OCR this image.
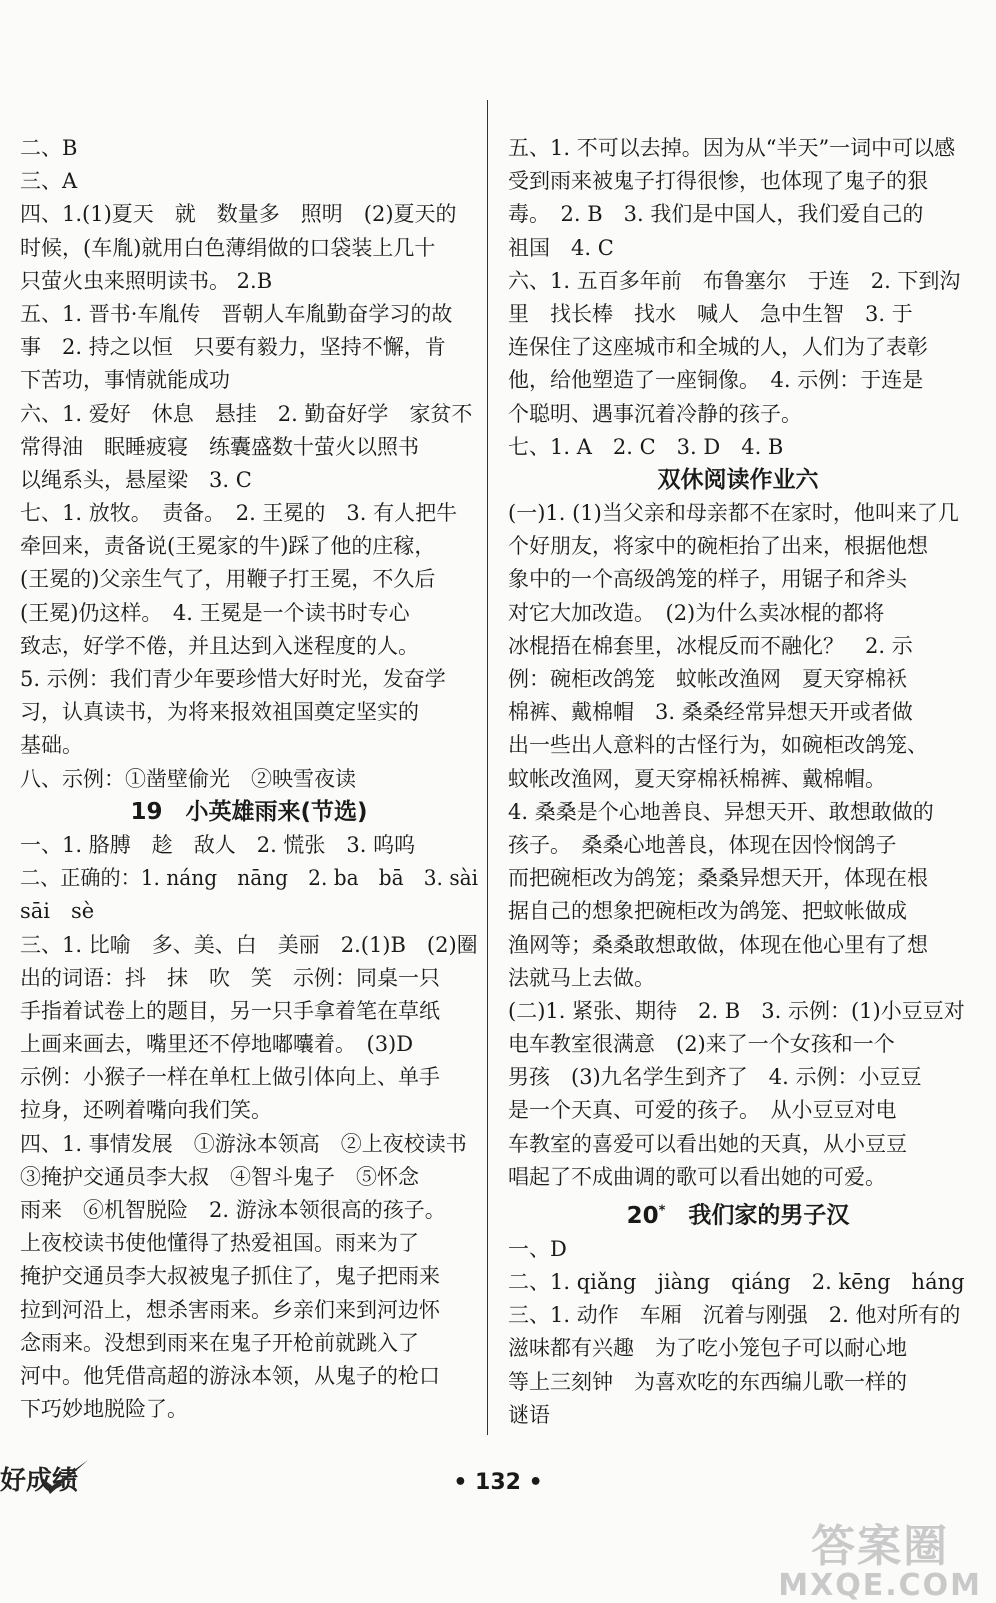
二、B
三、A
四、1.(1)夏天　就　数量多　照明　(2)夏天的
时候，(车胤)就用白色薄绢做的口袋装上几十
只萤火虫来照明读书。 2.B
五、1. 晋书·车胤传　晋朝人车胤勤奋学习的故
事　2. 持之以恒　只要有毅力，坚持不懈，肯
下苦功，事情就能成功
六、1. 爱好　休息　悬挂　2. 勤奋好学　家贫不
常得油　眠睡疲寝　练囊盛数十萤火以照书
以绳系头，悬屋梁　3. C
七、1. 放牧。　责备。　2. 王冕的　3. 有人把牛
牵回来，责备说(王冕家的牛)踩了他的庄稼，
(王冕的)父亲生气了，用鞭子打王冕，不久后
(王冕)仍这样。　4. 王冕是一个读书时专心
致志，好学不倦，并且达到入迷程度的人。
5. 示例：我们青少年要珍惜大好时光，发奋学
习，认真读书，为将来报效祖国奠定坚实的
基础。
八、示例：①凿壁偷光　②映雪夜读
19  小英雄雨来(节选)
一、1. 胳膊　趁　敌人　2. 慌张　3. 呜呜
二、正确的：1. náng　nāng　2. ba　bā　3. sài
sāi　sè
三、1. 比喻　多、美、白　美丽　2.(1)B　(2)圈
出的词语：抖　抹　吹　笑　示例：同桌一只
手指着试卷上的题目，另一只手拿着笔在草纸
上画来画去，嘴里还不停地嘟囔着。　(3)D
示例：小猴子一样在单杠上做引体向上、单手
拉身，还咧着嘴向我们笑。
四、1. 事情发展　①游泳本领高　②上夜校读书
③掩护交通员李大叔　④智斗鬼子　⑤怀念
雨来　⑥机智脱险　2. 游泳本领很高的孩子。
上夜校读书使他懂得了热爱祖国。雨来为了
掩护交通员李大叔被鬼子抓住了，鬼子把雨来
拉到河沿上，想杀害雨来。乡亲们来到河边怀
念雨来。没想到雨来在鬼子开枪前就跳入了
河中。他凭借高超的游泳本领，从鬼子的枪口
下巧妙地脱险了。
五、1. 不可以去掉。因为从“半天”一词中可以感
受到雨来被鬼子打得很惨，也体现了鬼子的狠
毒。　2. B　3. 我们是中国人，我们爱自己的
祖国　4. C
六、1. 五百多年前　布鲁塞尔　于连　2. 下到沟
里　找长棒　找水　喊人　急中生智　3. 于
连保住了这座城市和全城的人，人们为了表彰
他，给他塑造了一座铜像。　4. 示例：于连是
个聪明、遇事沉着冷静的孩子。
七、1. A　2. C　3. D　4. B
双休阅读作业六
(一)1. (1)当父亲和母亲都不在家时，他叫来了几
个好朋友，将家中的碗柜抬了出来，根据他想
象中的一个高级鸽笼的样子，用锯子和斧头
对它大加改造。　(2)为什么卖冰棍的都将
冰棍捂在棉套里，冰棍反而不融化？　2. 示
例：碗柜改鸽笼　蚊帐改渔网　夏天穿棉袄
棉裤、戴棉帽　3. 桑桑经常异想天开或者做
出一些出人意料的古怪行为，如碗柜改鸽笼、
蚊帐改渔网，夏天穿棉袄棉裤、戴棉帽。
4. 桑桑是个心地善良、异想天开、敢想敢做的
孩子。　桑桑心地善良，体现在因怜悯鸽子
而把碗柜改为鸽笼；桑桑异想天开，体现在根
据自己的想象把碗柜改为鸽笼、把蚊帐做成
渔网等；桑桑敢想敢做，体现在他心里有了想
法就马上去做。
(二)1. 紧张、期待　2. B　3. 示例：(1)小豆豆对
电车教室很满意　(2)来了一个女孩和一个
男孩　(3)九名学生到齐了　4. 示例：小豆豆
是一个天真、可爱的孩子。　从小豆豆对电
车教室的喜爱可以看出她的天真，从小豆豆
唱起了不成曲调的歌可以看出她的可爱。
20*  我们家的男子汉
一、D
二、1. qiǎng　jiàng　qiáng　2. kēng　háng
三、1. 动作　车厢　沉着与刚强　2. 他对所有的
滋味都有兴趣　为了吃小笼包子可以耐心地
等上三刻钟　为喜欢吃的东西编儿歌一样的
谜语
好成绩	• 132 •
答案圈
MXQE.COM
